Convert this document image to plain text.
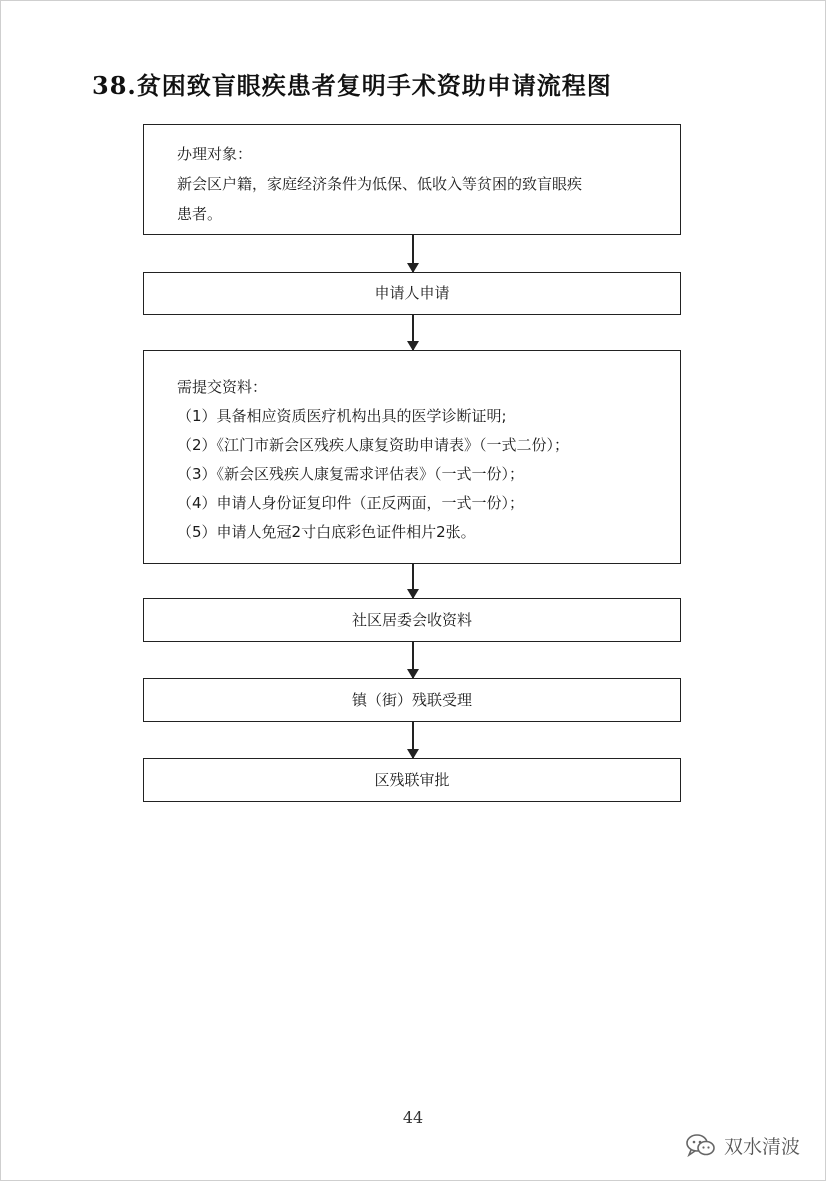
38.贫困致盲眼疾患者复明手术资助申请流程图
办理对象：
新会区户籍，家庭经济条件为低保、低收入等贫困的致盲眼疾
患者。
申请人申请
需提交资料：
（1）具备相应资质医疗机构出具的医学诊断证明;
（2）《江门市新会区残疾人康复资助申请表》（一式二份）；
（3）《新会区残疾人康复需求评估表》（一式一份）；
（4）申请人身份证复印件（正反两面，一式一份）；
（5）申请人免冠2寸白底彩色证件相片2张。
社区居委会收资料
镇（街）残联受理
区残联审批
44
双水清波
